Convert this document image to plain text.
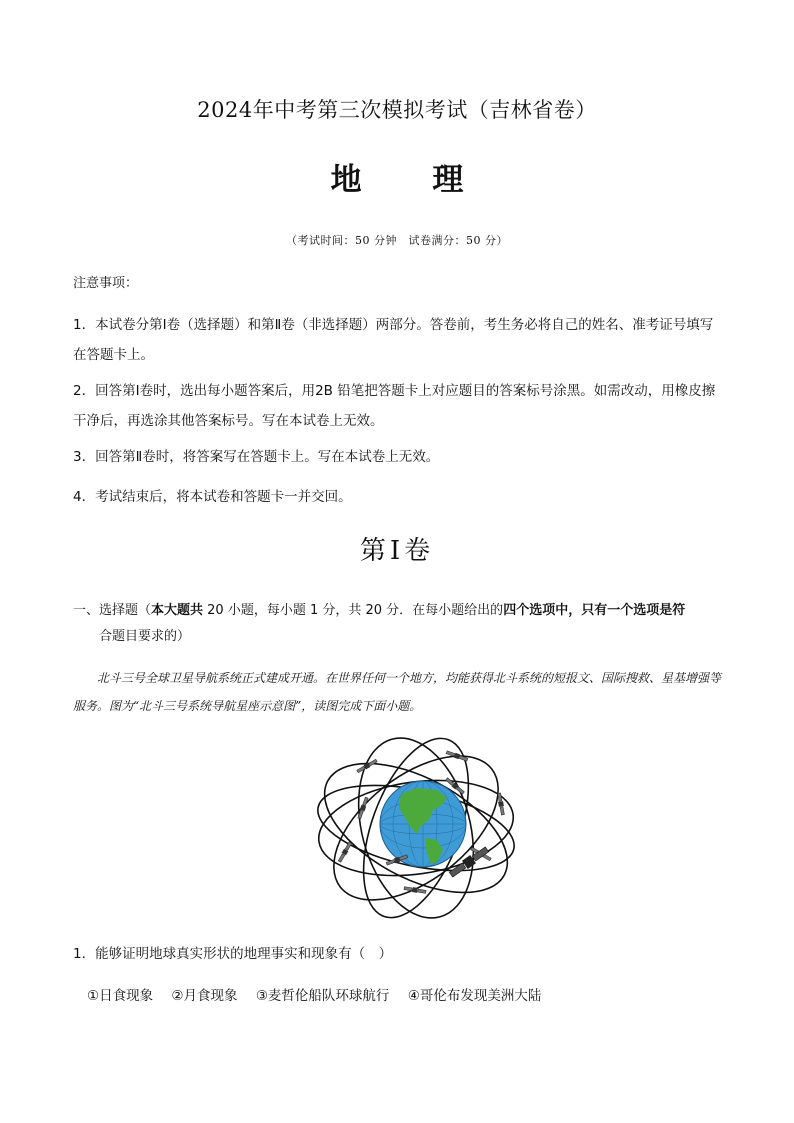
2024年中考第三次模拟考试（吉林省卷）
地 理
（考试时间：50 分钟　试卷满分：50 分）
注意事项：
1．本试卷分第Ⅰ卷（选择题）和第Ⅱ卷（非选择题）两部分。答卷前，考生务必将自己的姓名、准考证号填写在答题卡上。
2．回答第Ⅰ卷时，选出每小题答案后，用2B 铅笔把答题卡上对应题目的答案标号涂黑。如需改动，用橡皮擦干净后，再选涂其他答案标号。写在本试卷上无效。
3．回答第Ⅱ卷时，将答案写在答题卡上。写在本试卷上无效。
4．考试结束后，将本试卷和答题卡一并交回。
第Ⅰ卷
一、选择题（本大题共 20 小题，每小题 1 分，共 20 分．在每小题给出的四个选项中，只有一个选项是符
合题目要求的）
北斗三号全球卫星导航系统正式建成开通。在世界任何一个地方，均能获得北斗系统的短报文、国际搜救、星基增强等服务。图为“北斗三号系统导航星座示意图”，读图完成下面小题。
1．能够证明地球真实形状的地理事实和现象有（　）
①日食现象 ②月食现象 ③麦哲伦船队环球航行 ④哥伦布发现美洲大陆
